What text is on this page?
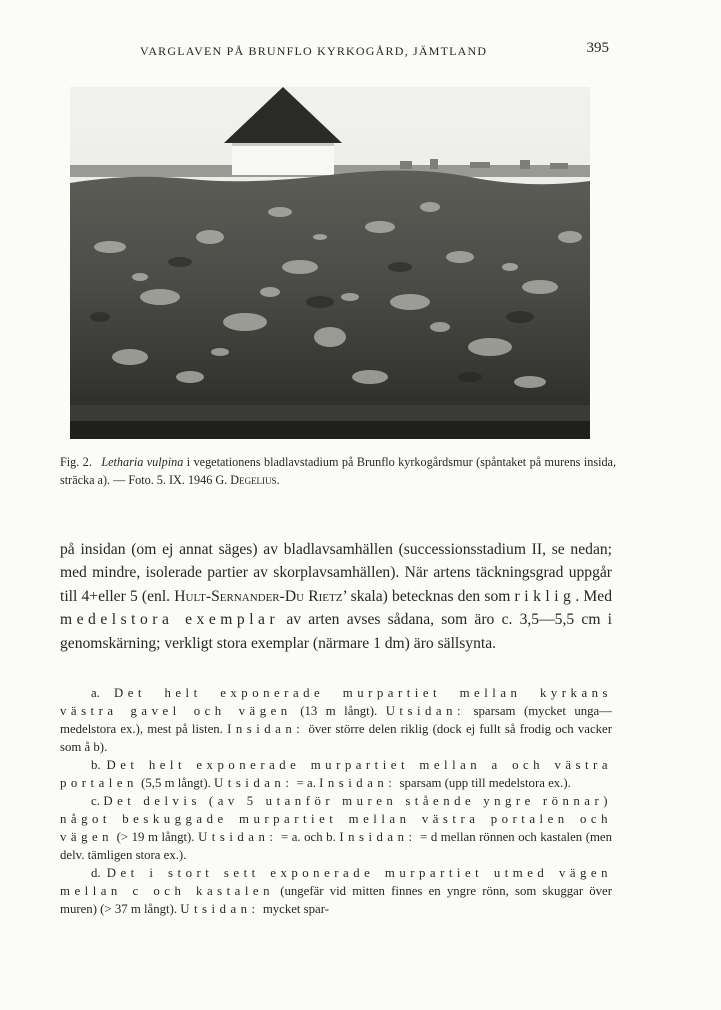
VARGLAVEN PÅ BRUNFLO KYRKOGÅRD, JÄMTLAND	395
Fig. 2. Letharia vulpina i vegetationens bladlavstadium på Brunflo kyrkogårdsmur (spåntaket på murens insida, sträcka a). — Foto. 5. IX. 1946 G. Degelius.

på insidan (om ej annat säges) av bladlavsamhällen (successionsstadium II, se nedan; med mindre, isolerade partier av skorplavsamhällen). När artens täckningsgrad uppgår till 4+eller 5 (enl. Hult-Sernander-Du Rietz’ skala) betecknas den som riklig. Med medelstora exemplar av arten avses sådana, som äro c. 3,5—5,5 cm i genomskärning; verkligt stora exemplar (närmare 1 dm) äro sällsynta.

a. Det helt exponerade murpartiet mellan kyrkans västra gavel och vägen (13 m långt). Utsidan: sparsam (mycket unga—medelstora ex.), mest på listen. Insidan: över större delen riklig (dock ej fullt så frodig och vacker som å b).

b. Det helt exponerade murpartiet mellan a och västra portalen (5,5 m långt). Utsidan: = a. Insidan: sparsam (upp till medelstora ex.).

c. Det delvis (av 5 utanför muren stående yngre rönnar) något beskuggade murpartiet mellan västra portalen och vägen (> 19 m långt). Utsidan: = a. och b. Insidan: = d mellan rönnen och kastalen (men delv. tämligen stora ex.).

d. Det i stort sett exponerade murpartiet utmed vägen mellan c och kastalen (ungefär vid mitten finnes en yngre rönn, som skuggar över muren) (> 37 m långt). Utsidan: mycket spar-
